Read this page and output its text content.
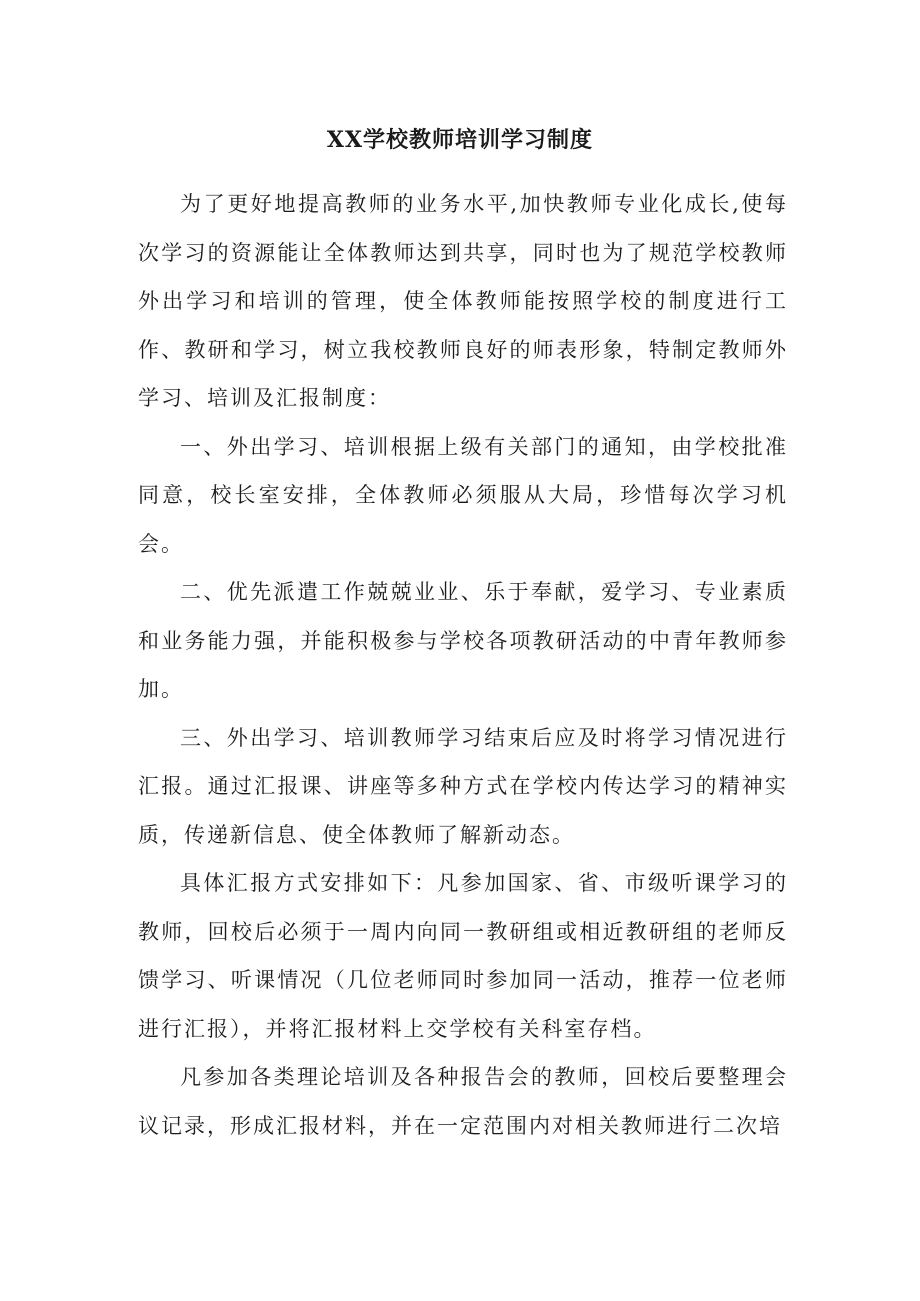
XX学校教师培训学习制度

为了更好地提高教师的业务水平,加快教师专业化成长,使每次学习的资源能让全体教师达到共享，同时也为了规范学校教师外出学习和培训的管理，使全体教师能按照学校的制度进行工作、教研和学习，树立我校教师良好的师表形象，特制定教师外学习、培训及汇报制度：

一、外出学习、培训根据上级有关部门的通知，由学校批准同意，校长室安排，全体教师必须服从大局，珍惜每次学习机会。

二、优先派遣工作兢兢业业、乐于奉献，爱学习、专业素质和业务能力强，并能积极参与学校各项教研活动的中青年教师参加。

三、外出学习、培训教师学习结束后应及时将学习情况进行汇报。通过汇报课、讲座等多种方式在学校内传达学习的精神实质，传递新信息、使全体教师了解新动态。

具体汇报方式安排如下：凡参加国家、省、市级听课学习的教师，回校后必须于一周内向同一教研组或相近教研组的老师反馈学习、听课情况（几位老师同时参加同一活动，推荐一位老师进行汇报），并将汇报材料上交学校有关科室存档。

凡参加各类理论培训及各种报告会的教师，回校后要整理会议记录，形成汇报材料，并在一定范围内对相关教师进行二次培
